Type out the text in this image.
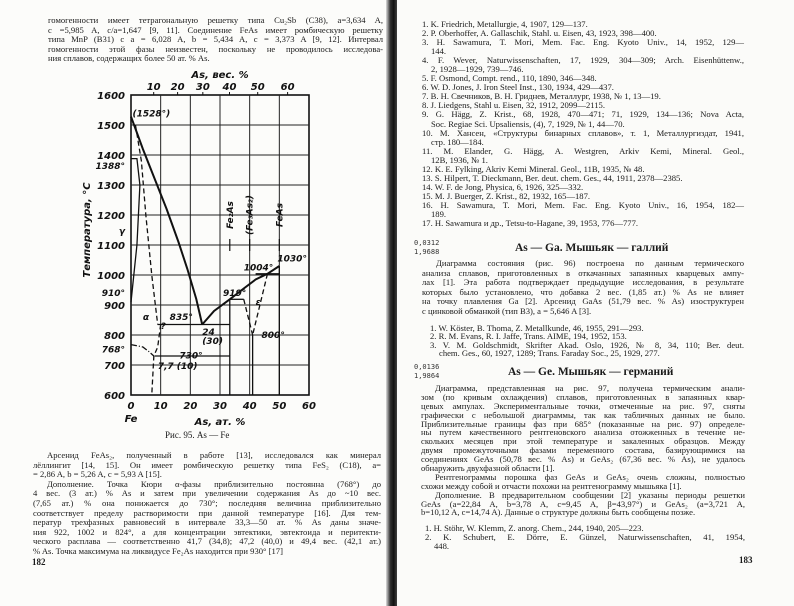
гомогенности имеет тетрагональную решетку типа Cu₂Sb (C38), a=3,634 A,
c =5,985 A, c/a=1,647 [9, 11]. Соединение FeAs имеет ромбическую решетку
типа MnP (B31) с a = 6,028 A, b = 5,434 A, c = 3,373 A [9, 12]. Интервал
гомогенности этой фазы неизвестен, поскольку не проводилось исследова-
ния сплавов, содержащих более 50 ат. % As.
600
700
800
900
1000
1100
1200
1300
1400
1500
1600
0 10 20 30 40 50 60
10 20 30 40 50 60
As, вес. %
Fe	As, ат. %
Температура, °C
(1528°)
1388°
910°
768°
γ
α
?
835°
730°
7,7 (10)
24
(30)
919°
1004°
1030°
ε
800°
Fe₂As (Fe₃As₂) FeAs
Рис. 95. As — Fe
Арсенид FeAs₂, полученный в работе [13], исследовался как минерал
лёллингит [14, 15]. Он имеет ромбическую решетку типа FeS₂ (C18), a=
= 2,86 A, b = 5,26 A, c = 5,93 A [15].
Дополнение. Точка Кюри α-фазы приблизительно постоянна (768°) до
4 вес. (3 ат.) % As и затем при увеличении содержания As до ~10 вес.
(7,65 ат.) % она понижается до 730°; последняя величина приблизительно
соответствует пределу растворимости при данной температуре [16]. Для тем-
ператур трехфазных равновесий в интервале 33,3—50 ат. % As даны значе-
ния 922, 1002 и 824°, а для концентрации эвтектики, эвтектоида и перитекти-
ческого расплава — соответственно 41,7 (34,8); 47,2 (40,0) и 49,4 вес. (42,1 ат.)
% As. Точка максимума на ликвидусе Fe₂As находится при 930° [17]
182
1. K. Friedrich, Metallurgie, 4, 1907, 129—137.
2. P. Oberhoffer, A. Gallaschik, Stahl. u. Eisen, 43, 1923, 398—400.
3. H. Sawamura, T. Mori, Mem. Fac. Eng. Kyoto Univ., 14, 1952, 129—
144.
4. F. Wever, Naturwissenschaften, 17, 1929, 304—309; Arch. Eisenhüttenw.,
2, 1928—1929, 739—746.
5. F. Osmond, Compt. rend., 110, 1890, 346—348.
6. W. D. Jones, J. Iron Steel Inst., 130, 1934, 429—437.
7. В. Н. Свечников, В. Н. Гриднев, Металлург, 1938, № 1, 13—19.
8. J. Liedgens, Stahl u. Eisen, 32, 1912, 2099—2115.
9. G. Hägg, Z. Krist., 68, 1928, 470—471; 71, 1929, 134—136; Nova Acta,
Soc. Regiae Sci. Upsaliensis, (4), 7, 1929, № 1, 44—70.
10. М. Хансен, «Структуры бинарных сплавов», т. 1, Металлургиздат, 1941,
стр. 180—184.
11. M. Elander, G. Hägg, A. Westgren, Arkiv Kemi, Mineral. Geol.,
12B, 1936, № 1.
12. K. E. Fylking, Akriv Kemi Mineral. Geol., 11B, 1935, № 48.
13. S. Hilpert, T. Dieckmann, Ber. deut. chem. Ges., 44, 1911, 2378—2385.
14. W. F. de Jong, Physica, 6, 1926, 325—332.
15. M. J. Buerger, Z. Krist., 82, 1932, 165—187.
16. H. Sawamura, T. Mori, Mem. Fac. Eng. Kyoto Univ., 16, 1954, 182—
189.
17. H. Sawamura и др., Tetsu-to-Hagane, 39, 1953, 776—777.
0,0312
1,9688	As — Ga. Мышьяк — галлий
Диаграмма состояния (рис. 96) построена по данным термического
анализа сплавов, приготовленных в откачанных запаянных кварцевых ампу-
лах [1]. Эта работа подтверждает предыдущие исследования, в результате
которых было установлено, что добавка 2 вес. (1,85 ат.) % As не влияет
на точку плавления Ga [2]. Арсенид GaAs (51,79 вес. % As) изоструктурен
с цинковой обманкой (тип B3), a = 5,646 A [3].
1. W. Köster, B. Thoma, Z. Metallkunde, 46, 1955, 291—293.
2. R. M. Evans, R. I. Jaffe, Trans. AIME, 194, 1952, 153.
3. V. M. Goldschmidt, Skrifter Akad. Oslo, 1926, № 8, 34, 110; Ber. deut.
chem. Ges., 60, 1927, 1289; Trans. Faraday Soc., 25, 1929, 277.
0,0136
1,9864	As — Ge. Мышьяк — германий
Диаграмма, представленная на рис. 97, получена термическим анали-
зом (по кривым охлаждения) сплавов, приготовленных в запаянных квар-
цевых ампулах. Экспериментальные точки, отмеченные на рис. 97, сняты
графически с небольшой диаграммы, так как табличных данных не было.
Приблизительные границы фаз при 685° (показанные на рис. 97) определе-
ны путем качественного рентгеновского анализа отожженных в течение не-
скольких месяцев при этой температуре и закаленных образцов. Между
двумя промежуточными фазами переменного состава, базирующимися на
соединениях GeAs (50,78 вес. % As) и GeAs₂ (67,36 вес. % As), не удалось
обнаружить двухфазной области [1].
Рентгенограммы порошка фаз GeAs и GeAs₂ очень сложны, полностью
схожи между собой и отчасти похожи на рентгенограмму мышьяка [1].
Дополнение. В предварительном сообщении [2] указаны периоды решетки
GeAs (a=22,84 A, b=3,78 A, c=9,45 A, β=43,97°) и GeAs₂ (a=3,721 A,
b=10,12 A, c=14,74 A). Данные о структуре должны быть сообщены позже.
1. H. Stöhr, W. Klemm, Z. anorg. Chem., 244, 1940, 205—223.
2. K. Schubert, E. Dörre, E. Günzel, Naturwissenschaften, 41, 1954,
448.
183
